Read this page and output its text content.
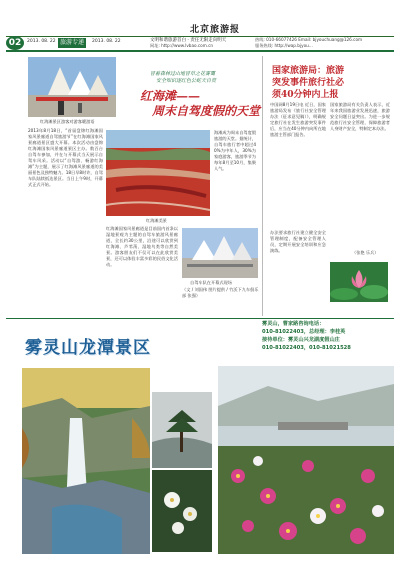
北京旅游报
02	2013. 08. 22 旅游专递	2013. 08. 22	文明和谐旅游首白 · 责任无限走向明天
网址: http://www.lvbao.com.cn
热线: 010-66077426 Email: bjyouchuang@126.com
服务热线: http://wap.bjyou...
红海滩景区游客对游客暖游语
冒着森林过山地冒草之花雾霭
安全知识逐红色公蛇天自赏
红海滩——
周末自驾度假的天堂
2013年8月18日，“首届盘锦红海滩国家风景廊道自驾旅游节”在红海滩国家风景廊道景区盛大开幕。本次活动由盘锦红海滩国家风景廊道景区主办。数百台自驾车参加，并在与开幕式当天展示自驾车风采。活动以“自驾游、畅游红海滩”为主题，展示了红海滩风景廊道的美丽景色及独特魅力。18日早8时许，自驾车队陆续抵达景区。当日上午9时，开幕式正式开始。
红海滩美景
海滩成为周末自驾度假旅游的天堂。据统计，自驾车旅行者中超过40%为中年人，30%为家庭游客，旅游季节为每年8月至10月，集聚人气。
红海滩国家风景廊道是目前国内首条以湿地景观为主题的自驾车旅游风景廊道，全长约30公里，沿途可以欣赏到红海滩、芦苇荡、湿地鸟类等自然美景。游客朋友们不仅可以在此欣赏美景，还可以体验丰富多彩的民俗文化活动。
自驾车队在开幕式现场
（文 / 刘国伟 图片提供 / 竹沃下九车俱乐部 张强）
国家旅游局：旅游
突发事件旅行社必
须40分钟内上报
中国网8月19日电 近日，国家旅游局发布《旅行社安全管理办法（征求意见稿）》，明确规定旅行社在发生旅游突发事件后，应当在40分钟内向所在地旅游主管部门报告。
国家旅游局有关负责人表示，近年来我国旅游业发展迅速，旅游安全问题日益突出。为进一步规范旅行社安全管理，保障旅游者人身财产安全，特制定本办法。
办法要求旅行社建立健全安全管理制度，配备安全管理人员，定期开展安全培训和应急演练。	（张艳 乐兵）
雾灵山龙潭景区
雾灵山，曹家路咨询电话：
010-81022403，总经理：李桂英
接待单位：雾灵山兴龙湖度假山庄
010-81022403，010-81021528
